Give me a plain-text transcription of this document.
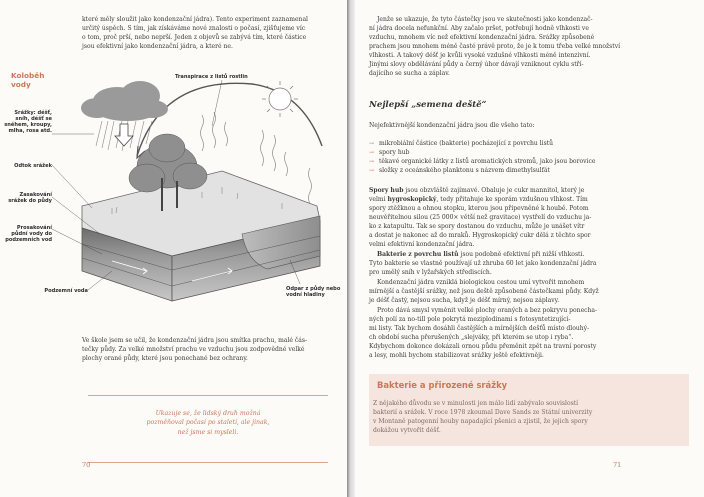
které měly sloužit jako kondenzační jádra). Tento experiment zaznamenal

určitý úspěch. S tím, jak získáváme nové znalosti o počasí, zjišťujeme víc

o tom, proč prší, nebo neprší. Jeden z objevů se zabývá tím, které částice

jsou efektivní jako kondenzační jádra, a které ne.

Koloběh
vody
Transpirace z listů rostlin
Srážky: déšť, sníh, déšť se sněhem, kroupy, mlha, rosa atd.
Odtok srážek
Zasakování srážek do půdy
Prosakování půdní vody do podzemních vod
Podzemní voda	Odpar z půdy nebo vodní hladiny

Ve škole jsem se učil, že kondenzační jádra jsou smítka prachu, malé čás-

tečky půdy. Za velké množství prachu ve vzduchu jsou zodpovědné velké

plochy orané půdy, které jsou ponechané bez ochrany.

Ukazuje se, že lidský druh možná
pozměňoval počasí po staletí, ale jinak,
než jsme si mysleli.
70

Jenže se ukazuje, že tyto částečky jsou ve skutečnosti jako kondenzač-

ní jádra docela nefunkční. Aby začalo pršet, potřebují hodně vlhkosti ve

vzduchu, mnohem víc než efektivní kondenzační jádra. Srážky způsobené

prachem jsou mnohem méně časté právě proto, že je k tomu třeba velké množství

vlhkosti. A takový déšť je kvůli vysoké vzdušné vlhkosti méně intenzivní.

Jinými slovy obdělávání půdy a černý úhor dávají vzniknout cyklu stří-

dajícího se sucha a záplav.

Nejlepší „semena deště“
Nejefektivnější kondenzační jádra jsou dle všeho tato:
→ mikrobiální částice (bakterie) pocházející z povrchu listů
→ spory hub
→ těkavé organické látky z listů aromatických stromů, jako jsou borovice
→ složky z oceánského planktonu s názvem dimethylsulfát

Spory hub jsou obzvláště zajímavé. Obaluje je cukr mannitol, který je

velmi hygroskopický, tedy přitahuje ke sporám vzdušnou vlhkost. Tím

spory ztěžknou a ohnou stopku, kterou jsou připevněné k houbě. Potom

neuvěřitelnou silou (25 000× větší než gravitace) vystřelí do vzduchu ja-

ko z katapultu. Tak se spory dostanou do vzduchu, může je unášet vítr

a dostat je nakonec až do mraků. Hygroskopický cukr dělá z těchto spor

velmi efektivní kondenzační jádra.

Bakterie z povrchu listů jsou podobně efektivní při nižší vlhkosti.

Tyto bakterie se vlastně používají už zhruba 60 let jako kondenzační jádra

pro umělý sníh v lyžařských střediscích.

Kondenzační jádra vzniklá biologickou cestou umí vytvořit mnohem

mírnější a častější srážky, než jsou deště způsobené částečkami půdy. Když

je déšť častý, nejsou sucha, když je déšť mírný, nejsou záplavy.

Proto dává smysl vyměnit velké plochy oraných a bez pokryvu ponecha-

ných polí za no-till pole pokrytá meziplodinami s fotosyntetizující-

mi listy. Tak bychom dosáhli častějších a mírnějších dešťů místo dlouhý-

ch období sucha přerušených „slejváky, při kterém se utop i ryba“.

Kdybychom dokonce dokázali ornou půdu přeměnit zpět na travní porosty

a lesy, mohli bychom stabilizovat srážky ještě efektivněji.

Bakterie a přirozené srážky

Z nějakého důvodu se v minulosti jen málo lidí zabývalo souvislostí

bakterií a srážek. V roce 1978 zkoumal Dave Sands ze Státní univerzity

v Montaně patogenní houby napadající pšenici a zjistil, že jejich spory

dokážou vytvořit déšť.

71
